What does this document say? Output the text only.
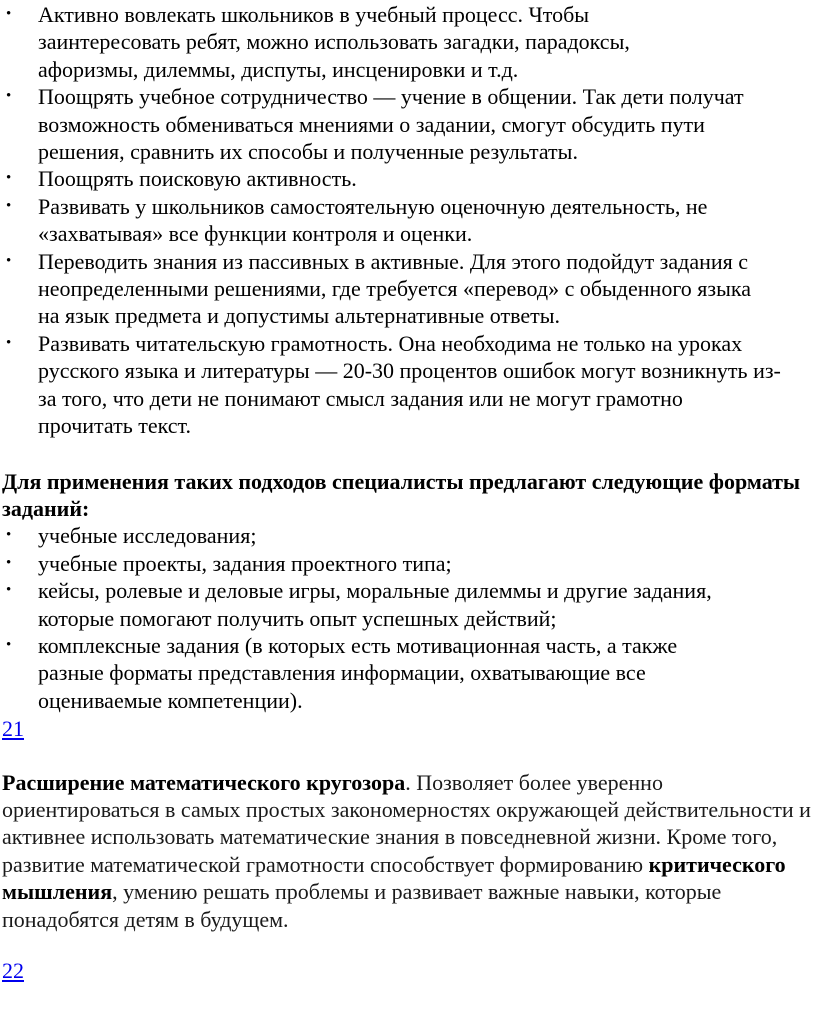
Активно вовлекать школьников в учебный процесс. Чтобы заинтересовать ребят, можно использовать загадки, парадоксы, афоризмы, дилеммы, диспуты, инсценировки и т.д.
Поощрять учебное сотрудничество — учение в общении. Так дети получат возможность обмениваться мнениями о задании, смогут обсудить пути решения, сравнить их способы и полученные результаты.
Поощрять поисковую активность.
Развивать у школьников самостоятельную оценочную деятельность, не «захватывая» все функции контроля и оценки.
Переводить знания из пассивных в активные. Для этого подойдут задания с неопределенными решениями, где требуется «перевод» с обыденного языка на язык предмета и допустимы альтернативные ответы.
Развивать читательскую грамотность. Она необходима не только на уроках русского языка и литературы — 20-30 процентов ошибок могут возникнуть из-за того, что дети не понимают смысл задания или не могут грамотно прочитать текст.
Для применения таких подходов специалисты предлагают следующие форматы заданий:
учебные исследования;
учебные проекты, задания проектного типа;
кейсы, ролевые и деловые игры, моральные дилеммы и другие задания, которые помогают получить опыт успешных действий;
комплексные задания (в которых есть мотивационная часть, а также разные форматы представления информации, охватывающие все оцениваемые компетенции).
21
Расширение математического кругозора. Позволяет более уверенно ориентироваться в самых простых закономерностях окружающей действительности и активнее использовать математические знания в повседневной жизни. Кроме того, развитие математической грамотности способствует формированию критического мышления, умению решать проблемы и развивает важные навыки, которые понадобятся детям в будущем.
22
